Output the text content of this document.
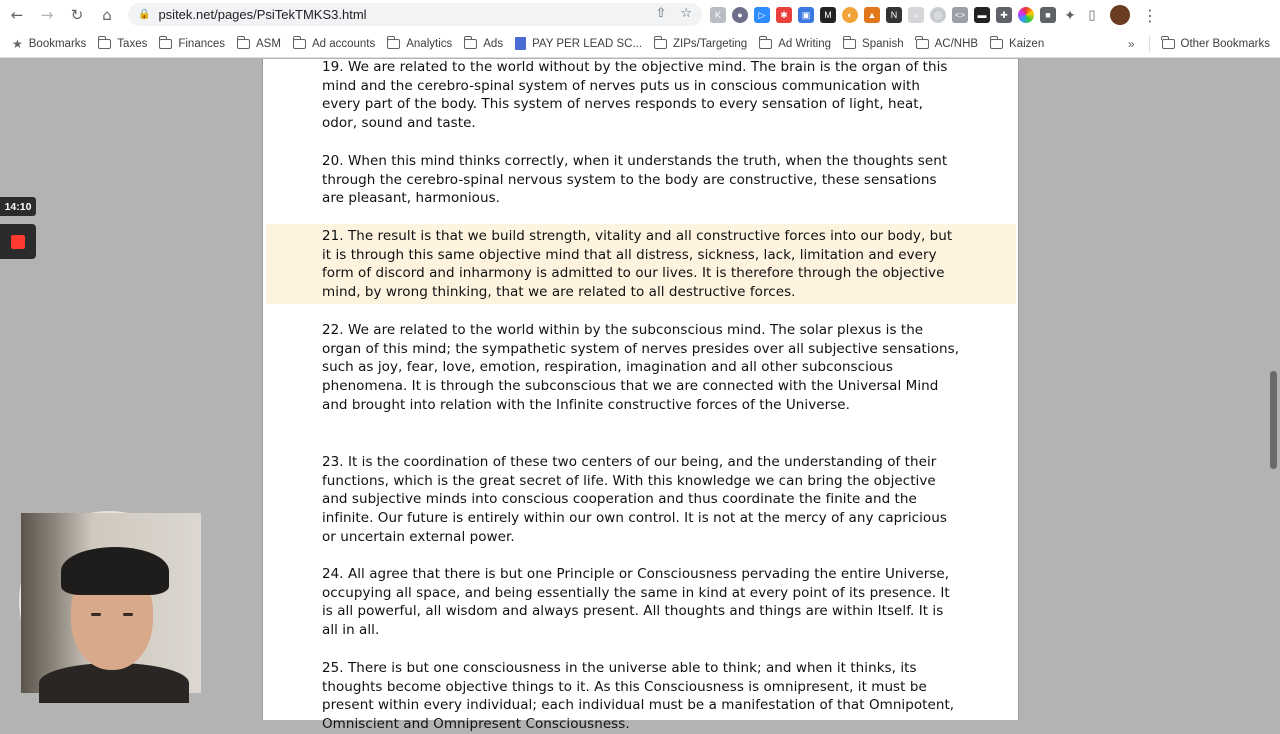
← → ↻ ⌂	🔒 psitek.net/pages/PsiTekTMKS3.html	⇧ ☆	K	●	▷	✱	▣	M	◐	▲	N	⌕	◎	<>	▬	✚	■ ✦ ▯	⋮
★ Bookmarks	Taxes	Finances	ASM	Ad accounts	Analytics	Ads	PAY PER LEAD SC...	ZIPs/Targeting	Ad Writing	Spanish	AC/NHB	Kaizen	»	Other Bookmarks

19. We are related to the world without by the objective mind. The brain is the organ of this mind and the cerebro-spinal system of nerves puts us in conscious communication with every part of the body. This system of nerves responds to every sensation of light, heat, odor, sound and taste.

20. When this mind thinks correctly, when it understands the truth, when the thoughts sent through the cerebro-spinal nervous system to the body are constructive, these sensations are pleasant, harmonious.

21. The result is that we build strength, vitality and all constructive forces into our body, but it is through this same objective mind that all distress, sickness, lack, limitation and every form of discord and inharmony is admitted to our lives. It is therefore through the objective mind, by wrong thinking, that we are related to all destructive forces.

22. We are related to the world within by the subconscious mind. The solar plexus is the organ of this mind; the sympathetic system of nerves presides over all subjective sensations, such as joy, fear, love, emotion, respiration, imagination and all other subconscious phenomena. It is through the subconscious that we are connected with the Universal Mind and brought into relation with the Infinite constructive forces of the Universe.

23. It is the coordination of these two centers of our being, and the understanding of their functions, which is the great secret of life. With this knowledge we can bring the objective and subjective minds into conscious cooperation and thus coordinate the finite and the infinite. Our future is entirely within our own control. It is not at the mercy of any capricious or uncertain external power.

24. All agree that there is but one Principle or Consciousness pervading the entire Universe, occupying all space, and being essentially the same in kind at every point of its presence. It is all powerful, all wisdom and always present. All thoughts and things are within Itself. It is all in all.

25. There is but one consciousness in the universe able to think; and when it thinks, its thoughts become objective things to it. As this Consciousness is omnipresent, it must be present within every individual; each individual must be a manifestation of that Omnipotent, Omniscient and Omnipresent Consciousness.

14:10
